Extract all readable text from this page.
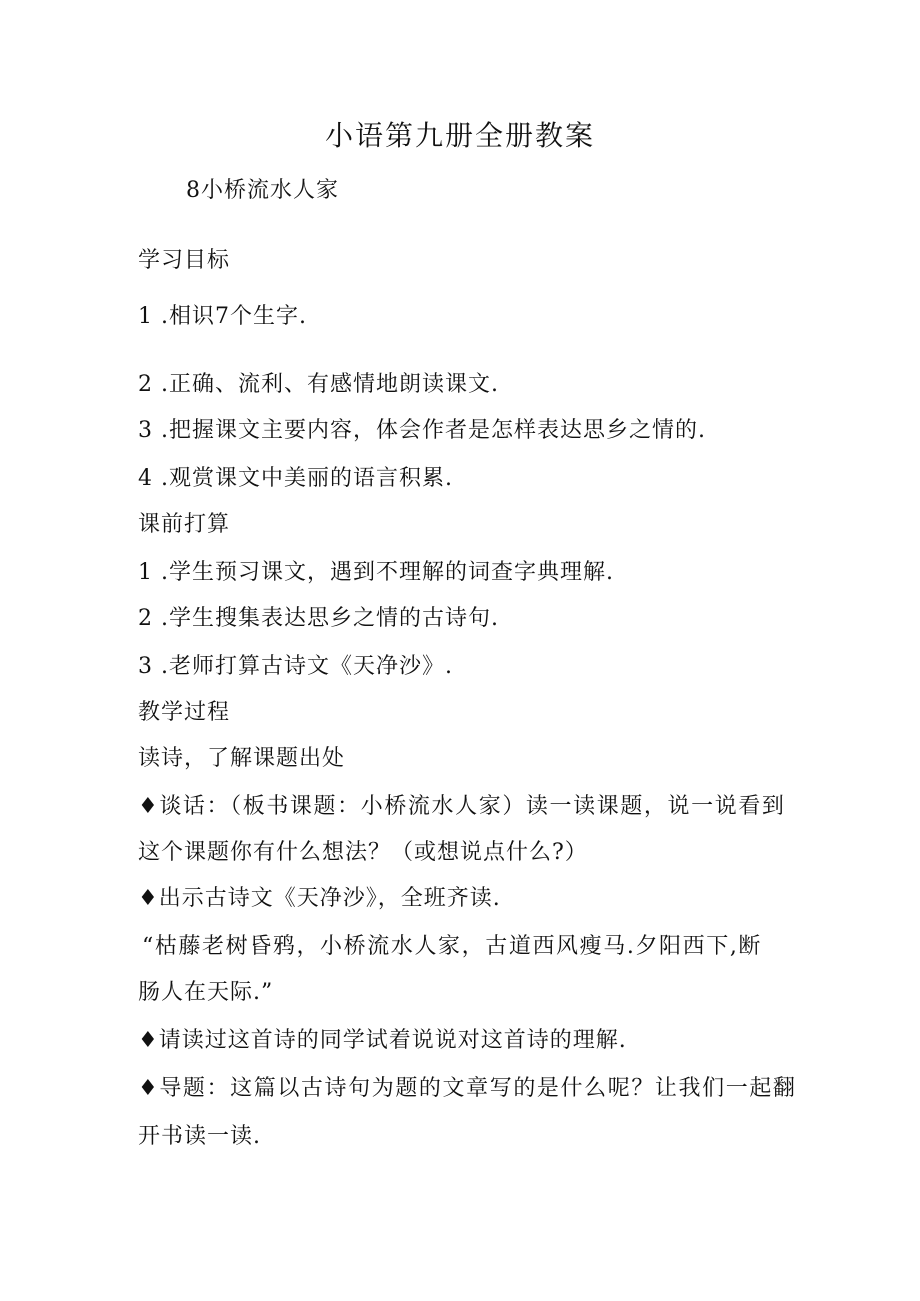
小语第九册全册教案
8小桥流水人家
学习目标
1 .相识7个生字.
2 .正确、流利、有感情地朗读课文.
3 .把握课文主要内容，体会作者是怎样表达思乡之情的.
4 .观赏课文中美丽的语言积累.
课前打算
1 .学生预习课文，遇到不理解的词查字典理解.
2 .学生搜集表达思乡之情的古诗句.
3 .老师打算古诗文《天净沙》.
教学过程
读诗，了解课题出处
♦谈话：（板书课题：小桥流水人家）读一读课题，说一说看到
这个课题你有什么想法？（或想说点什么?）
♦出示古诗文《天净沙》，全班齐读.
“枯藤老树昏鸦，小桥流水人家，古道西风瘦马.夕阳西下,断
肠人在天际.”
♦请读过这首诗的同学试着说说对这首诗的理解.
♦导题：这篇以古诗句为题的文章写的是什么呢？让我们一起翻
开书读一读.
